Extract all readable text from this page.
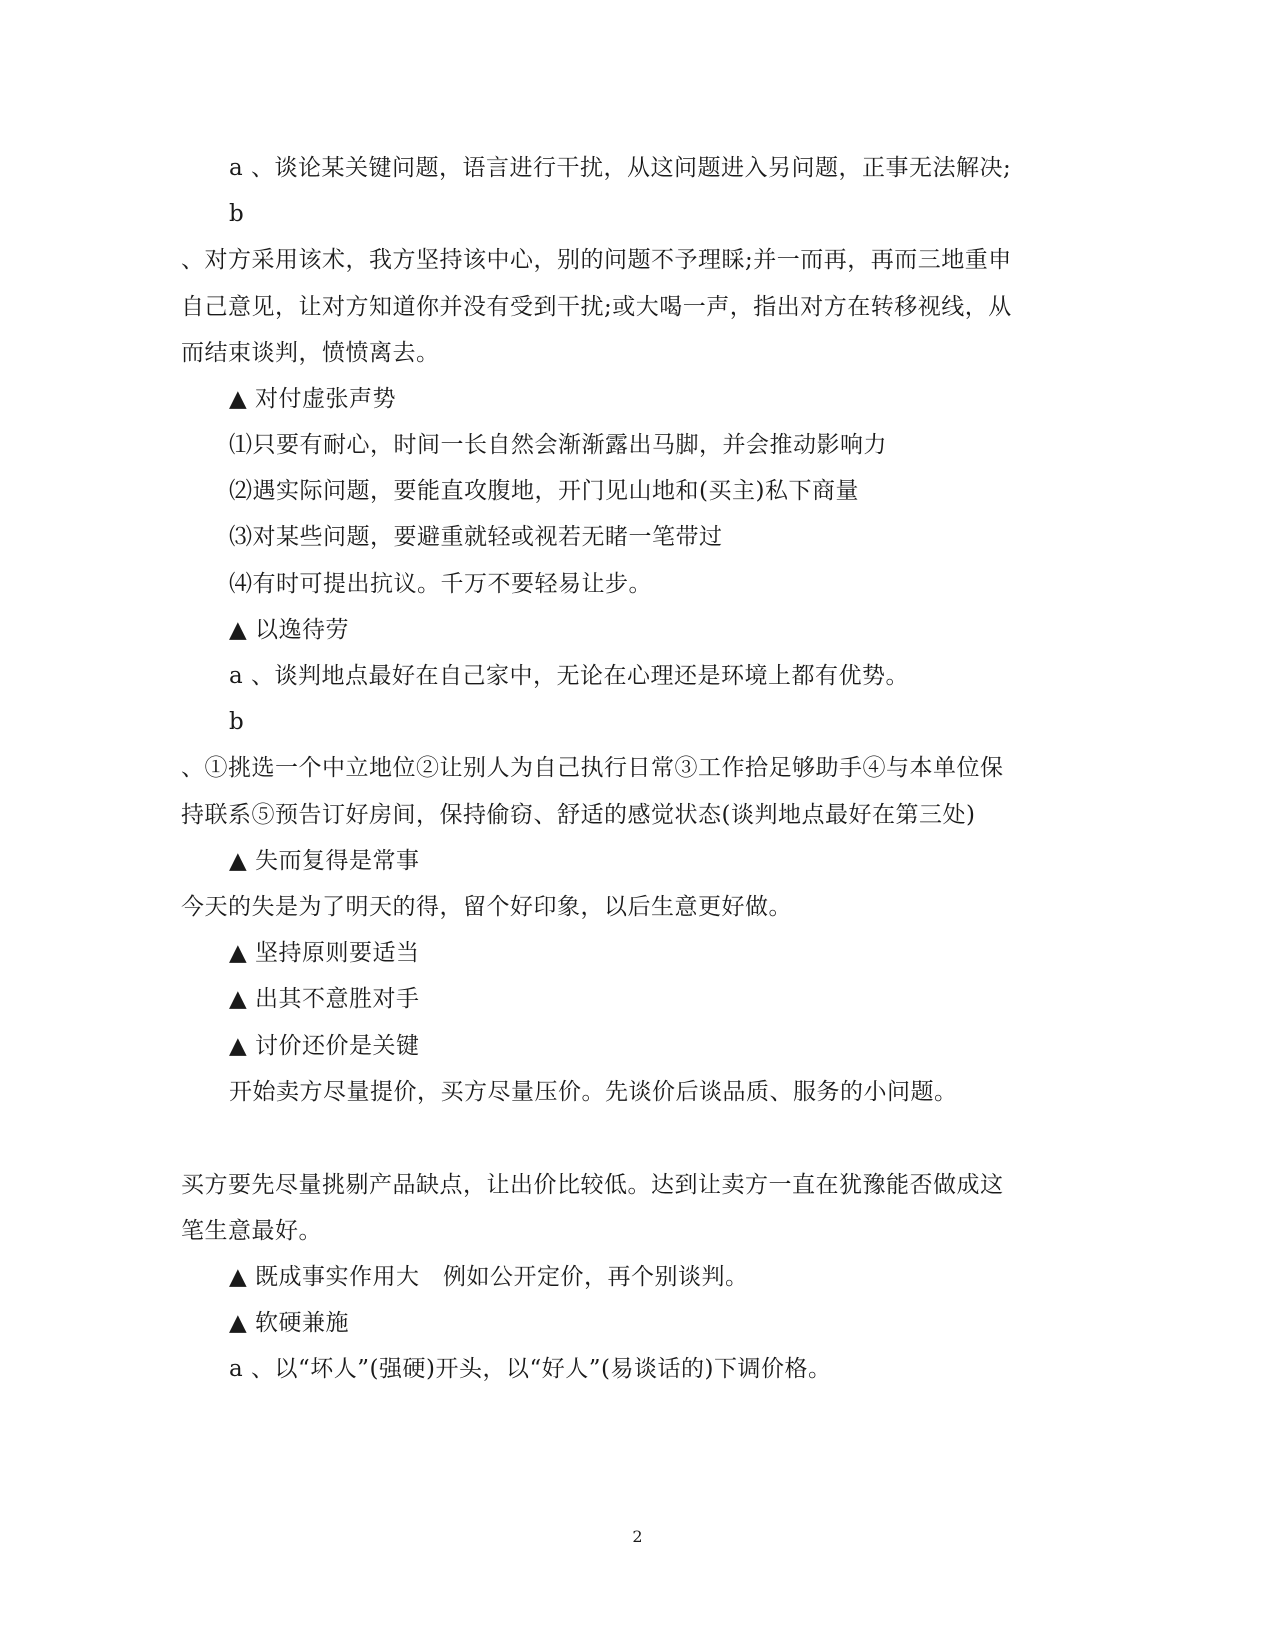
a 、谈论某关键问题，语言进行干扰，从这问题进入另问题，正事无法解决;
b
、对方采用该术，我方坚持该中心，别的问题不予理睬;并一而再，再而三地重申
自己意见，让对方知道你并没有受到干扰;或大喝一声，指出对方在转移视线，从
而结束谈判，愤愤离去。
▲ 对付虚张声势
⑴只要有耐心，时间一长自然会渐渐露出马脚，并会推动影响力
⑵遇实际问题，要能直攻腹地，开门见山地和(买主)私下商量
⑶对某些问题，要避重就轻或视若无睹一笔带过
⑷有时可提出抗议。千万不要轻易让步。
▲ 以逸待劳
a 、谈判地点最好在自己家中，无论在心理还是环境上都有优势。
b
、①挑选一个中立地位②让别人为自己执行日常③工作拾足够助手④与本单位保
持联系⑤预告订好房间，保持偷窃、舒适的感觉状态(谈判地点最好在第三处)
▲ 失而复得是常事
今天的失是为了明天的得，留个好印象，以后生意更好做。
▲ 坚持原则要适当
▲ 出其不意胜对手
▲ 讨价还价是关键
开始卖方尽量提价，买方尽量压价。先谈价后谈品质、服务的小问题。
买方要先尽量挑剔产品缺点，让出价比较低。达到让卖方一直在犹豫能否做成这
笔生意最好。
▲ 既成事实作用大　例如公开定价，再个别谈判。
▲ 软硬兼施
a 、以“坏人”(强硬)开头，以“好人”(易谈话的)下调价格。
2
